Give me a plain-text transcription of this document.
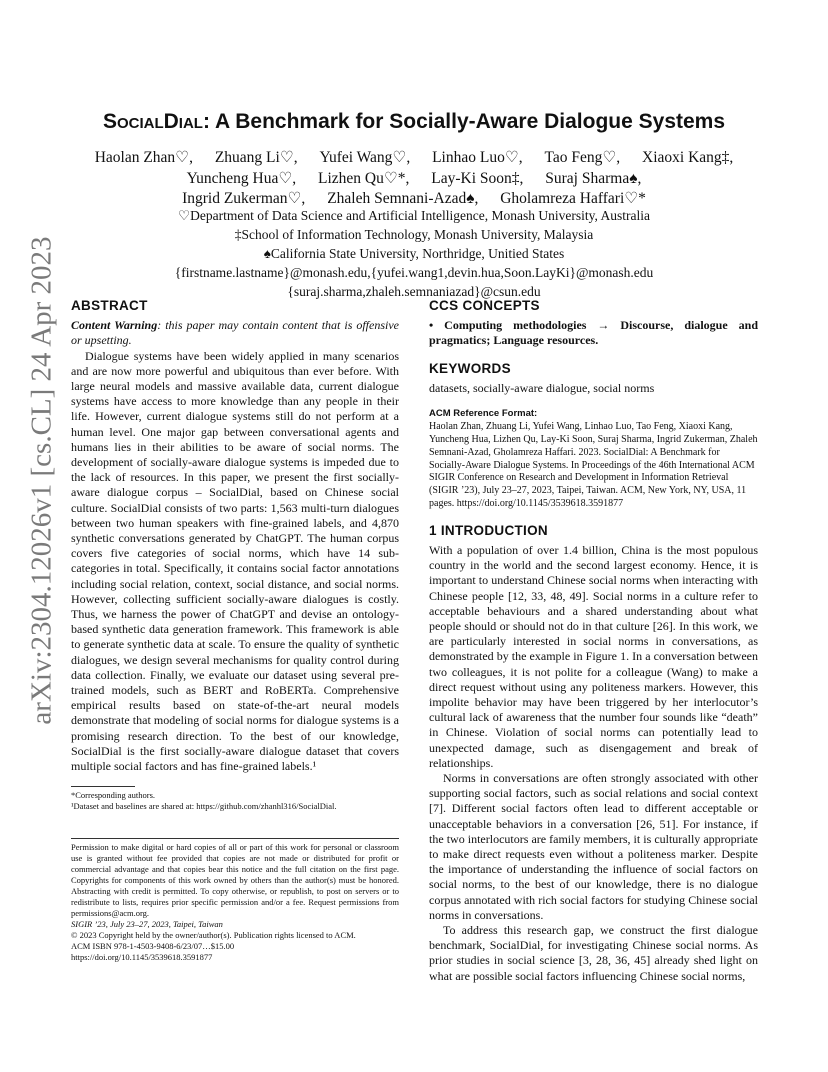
arXiv:2304.12026v1 [cs.CL] 24 Apr 2023
SocialDial: A Benchmark for Socially-Aware Dialogue Systems
Haolan Zhan♡, Zhuang Li♡, Yufei Wang♡, Linhao Luo♡, Tao Feng♡, Xiaoxi Kang‡,
Yuncheng Hua♡, Lizhen Qu♡*, Lay-Ki Soon‡, Suraj Sharma♠,
Ingrid Zukerman♡, Zhaleh Semnani-Azad♠, Gholamreza Haffari♡*
♡Department of Data Science and Artificial Intelligence, Monash University, Australia
‡School of Information Technology, Monash University, Malaysia
♠California State University, Northridge, Unitied States
{firstname.lastname}@monash.edu,{yufei.wang1,devin.hua,Soon.LayKi}@monash.edu
{suraj.sharma,zhaleh.semnaniazad}@csun.edu
ABSTRACT

Content Warning: this paper may contain content that is offensive or upsetting.

Dialogue systems have been widely applied in many scenarios and are now more powerful and ubiquitous than ever before. With large neural models and massive available data, current dialogue systems have access to more knowledge than any people in their life. However, current dialogue systems still do not perform at a human level. One major gap between conversational agents and humans lies in their abilities to be aware of social norms. The development of socially-aware dialogue systems is impeded due to the lack of resources. In this paper, we present the first socially-aware dialogue corpus – SocialDial, based on Chinese social culture. SocialDial consists of two parts: 1,563 multi-turn dialogues between two human speakers with fine-grained labels, and 4,870 synthetic conversations generated by ChatGPT. The human corpus covers five categories of social norms, which have 14 sub-categories in total. Specifically, it contains social factor annotations including social relation, context, social distance, and social norms. However, collecting sufficient socially-aware dialogues is costly. Thus, we harness the power of ChatGPT and devise an ontology-based synthetic data generation framework. This framework is able to generate synthetic data at scale. To ensure the quality of synthetic dialogues, we design several mechanisms for quality control during data collection. Finally, we evaluate our dataset using several pre-trained models, such as BERT and RoBERTa. Comprehensive empirical results based on state-of-the-art neural models demonstrate that modeling of social norms for dialogue systems is a promising research direction. To the best of our knowledge, SocialDial is the first socially-aware dialogue dataset that covers multiple social factors and has fine-grained labels.¹

*Corresponding authors.
¹Dataset and baselines are shared at: https://github.com/zhanhl316/SocialDial.

Permission to make digital or hard copies of all or part of this work for personal or classroom use is granted without fee provided that copies are not made or distributed for profit or commercial advantage and that copies bear this notice and the full citation on the first page. Copyrights for components of this work owned by others than the author(s) must be honored. Abstracting with credit is permitted. To copy otherwise, or republish, to post on servers or to redistribute to lists, requires prior specific permission and/or a fee. Request permissions from permissions@acm.org.

SIGIR ’23, July 23–27, 2023, Taipei, Taiwan
© 2023 Copyright held by the owner/author(s). Publication rights licensed to ACM.
ACM ISBN 978-1-4503-9408-6/23/07…$15.00
https://doi.org/10.1145/3539618.3591877
CCS CONCEPTS

• Computing methodologies → Discourse, dialogue and pragmatics; Language resources.

KEYWORDS

datasets, socially-aware dialogue, social norms

ACM Reference Format:

Haolan Zhan, Zhuang Li, Yufei Wang, Linhao Luo, Tao Feng, Xiaoxi Kang, Yuncheng Hua, Lizhen Qu, Lay-Ki Soon, Suraj Sharma, Ingrid Zukerman, Zhaleh Semnani-Azad, Gholamreza Haffari. 2023. SocialDial: A Benchmark for Socially-Aware Dialogue Systems. In Proceedings of the 46th International ACM SIGIR Conference on Research and Development in Information Retrieval (SIGIR ’23), July 23–27, 2023, Taipei, Taiwan. ACM, New York, NY, USA, 11 pages. https://doi.org/10.1145/3539618.3591877

1 INTRODUCTION

With a population of over 1.4 billion, China is the most populous country in the world and the second largest economy. Hence, it is important to understand Chinese social norms when interacting with Chinese people [12, 33, 48, 49]. Social norms in a culture refer to acceptable behaviours and a shared understanding about what people should or should not do in that culture [26]. In this work, we are particularly interested in social norms in conversations, as demonstrated by the example in Figure 1. In a conversation between two colleagues, it is not polite for a colleague (Wang) to make a direct request without using any politeness markers. However, this impolite behavior may have been triggered by her interlocutor’s cultural lack of awareness that the number four sounds like “death” in Chinese. Violation of social norms can potentially lead to unexpected damage, such as disengagement and break of relationships.

Norms in conversations are often strongly associated with other supporting social factors, such as social relations and social context [7]. Different social factors often lead to different acceptable or unacceptable behaviors in a conversation [26, 51]. For instance, if the two interlocutors are family members, it is culturally appropriate to make direct requests even without a politeness marker. Despite the importance of understanding the influence of social factors on social norms, to the best of our knowledge, there is no dialogue corpus annotated with rich social factors for studying Chinese social norms in conversations.

To address this research gap, we construct the first dialogue benchmark, SocialDial, for investigating Chinese social norms. As prior studies in social science [3, 28, 36, 45] already shed light on what are possible social factors influencing Chinese social norms,
